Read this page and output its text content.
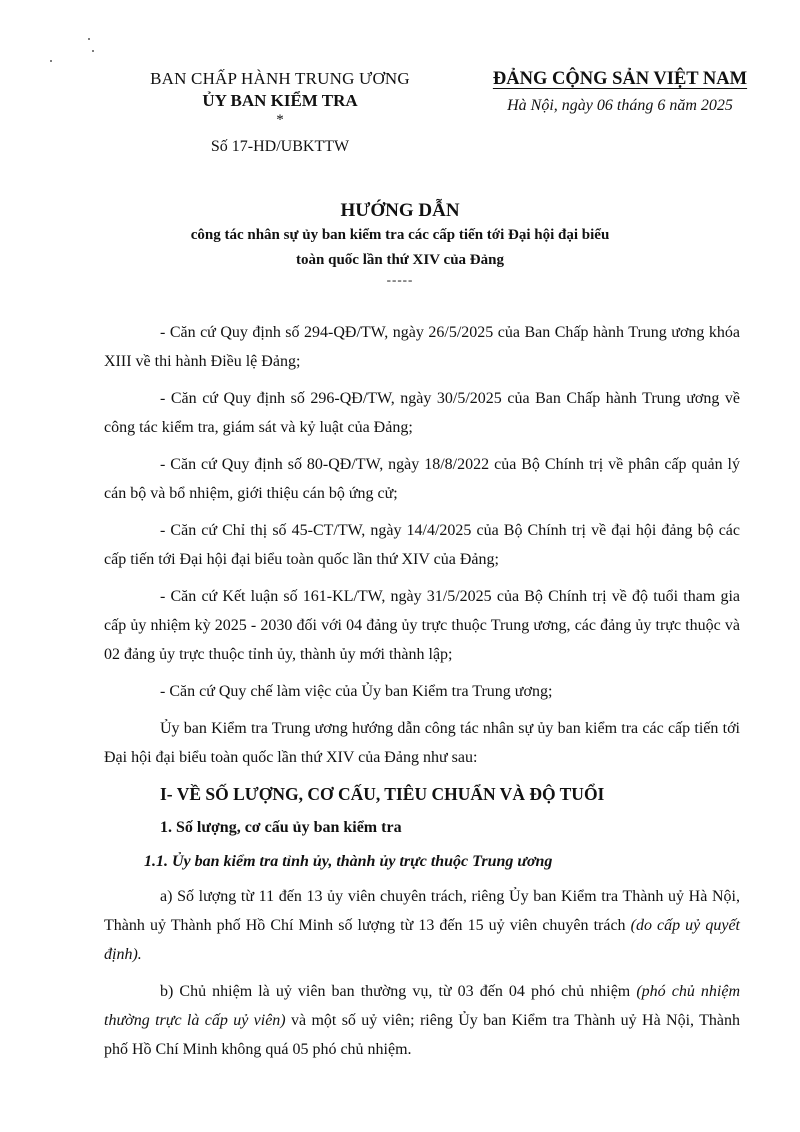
BAN CHẤP HÀNH TRUNG ƯƠNG
ỦY BAN KIỂM TRA
*
Số 17-HD/UBKTTW
ĐẢNG CỘNG SẢN VIỆT NAM
Hà Nội, ngày 06 tháng 6 năm 2025
HƯỚNG DẪN
công tác nhân sự ủy ban kiểm tra các cấp tiến tới Đại hội đại biểu
toàn quốc lần thứ XIV của Đảng
-----

- Căn cứ Quy định số 294-QĐ/TW, ngày 26/5/2025 của Ban Chấp hành Trung ương khóa XIII về thi hành Điều lệ Đảng;

- Căn cứ Quy định số 296-QĐ/TW, ngày 30/5/2025 của Ban Chấp hành Trung ương về công tác kiểm tra, giám sát và kỷ luật của Đảng;

- Căn cứ Quy định số 80-QĐ/TW, ngày 18/8/2022 của Bộ Chính trị về phân cấp quản lý cán bộ và bổ nhiệm, giới thiệu cán bộ ứng cử;

- Căn cứ Chỉ thị số 45-CT/TW, ngày 14/4/2025 của Bộ Chính trị về đại hội đảng bộ các cấp tiến tới Đại hội đại biểu toàn quốc lần thứ XIV của Đảng;

- Căn cứ Kết luận số 161-KL/TW, ngày 31/5/2025 của Bộ Chính trị về độ tuổi tham gia cấp ủy nhiệm kỳ 2025 - 2030 đối với 04 đảng ủy trực thuộc Trung ương, các đảng ủy trực thuộc và 02 đảng ủy trực thuộc tỉnh ủy, thành ủy mới thành lập;

- Căn cứ Quy chế làm việc của Ủy ban Kiểm tra Trung ương;

Ủy ban Kiểm tra Trung ương hướng dẫn công tác nhân sự ủy ban kiểm tra các cấp tiến tới Đại hội đại biểu toàn quốc lần thứ XIV của Đảng như sau:

I- VỀ SỐ LƯỢNG, CƠ CẤU, TIÊU CHUẨN VÀ ĐỘ TUỔI
1. Số lượng, cơ cấu ủy ban kiểm tra
1.1. Ủy ban kiểm tra tỉnh ủy, thành ủy trực thuộc Trung ương

a) Số lượng từ 11 đến 13 ủy viên chuyên trách, riêng Ủy ban Kiểm tra Thành uỷ Hà Nội, Thành uỷ Thành phố Hồ Chí Minh số lượng từ 13 đến 15 uỷ viên chuyên trách (do cấp uỷ quyết định).

b) Chủ nhiệm là uỷ viên ban thường vụ, từ 03 đến 04 phó chủ nhiệm (phó chủ nhiệm thường trực là cấp uỷ viên) và một số uỷ viên; riêng Ủy ban Kiểm tra Thành uỷ Hà Nội, Thành phố Hồ Chí Minh không quá 05 phó chủ nhiệm.
